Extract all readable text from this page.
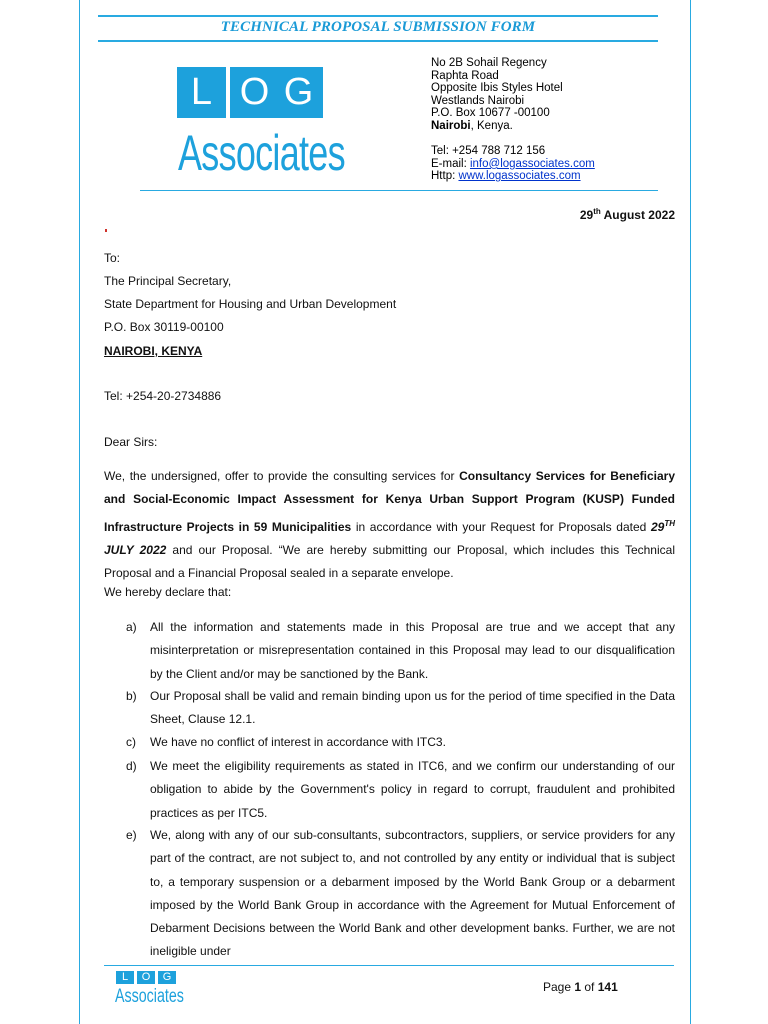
TECHNICAL PROPOSAL SUBMISSION FORM
L O G
Associates
No 2B Sohail Regency
Raphta Road
Opposite Ibis Styles Hotel
Westlands Nairobi
P.O. Box 10677 -00100
Nairobi, Kenya.
Tel: +254 788 712 156
E-mail: info@logassociates.com
Http: www.logassociates.com
29th August 2022
To:
The Principal Secretary,
State Department for Housing and Urban Development
P.O. Box 30119-00100
NAIROBI, KENYA
Tel: +254-20-2734886
Dear Sirs:
We, the undersigned, offer to provide the consulting services for Consultancy Services for Beneficiary and Social-Economic Impact Assessment for Kenya Urban Support Program (KUSP) Funded Infrastructure Projects in 59 Municipalities in accordance with your Request for Proposals dated 29TH JULY 2022 and our Proposal. “We are hereby submitting our Proposal, which includes this Technical Proposal and a Financial Proposal sealed in a separate envelope.
We hereby declare that:
a) All the information and statements made in this Proposal are true and we accept that any misinterpretation or misrepresentation contained in this Proposal may lead to our disqualification by the Client and/or may be sanctioned by the Bank.
b) Our Proposal shall be valid and remain binding upon us for the period of time specified in the Data Sheet, Clause 12.1.
c) We have no conflict of interest in accordance with ITC3.
d) We meet the eligibility requirements as stated in ITC6, and we confirm our understanding of our obligation to abide by the Government's policy in regard to corrupt, fraudulent and prohibited practices as per ITC5.
e) We, along with any of our sub-consultants, subcontractors, suppliers, or service providers for any part of the contract, are not subject to, and not controlled by any entity or individual that is subject to, a temporary suspension or a debarment imposed by the World Bank Group or a debarment imposed by the World Bank Group in accordance with the Agreement for Mutual Enforcement of Debarment Decisions between the World Bank and other development banks. Further, we are not ineligible under
L	O	G
Associates	Page 1 of 141
